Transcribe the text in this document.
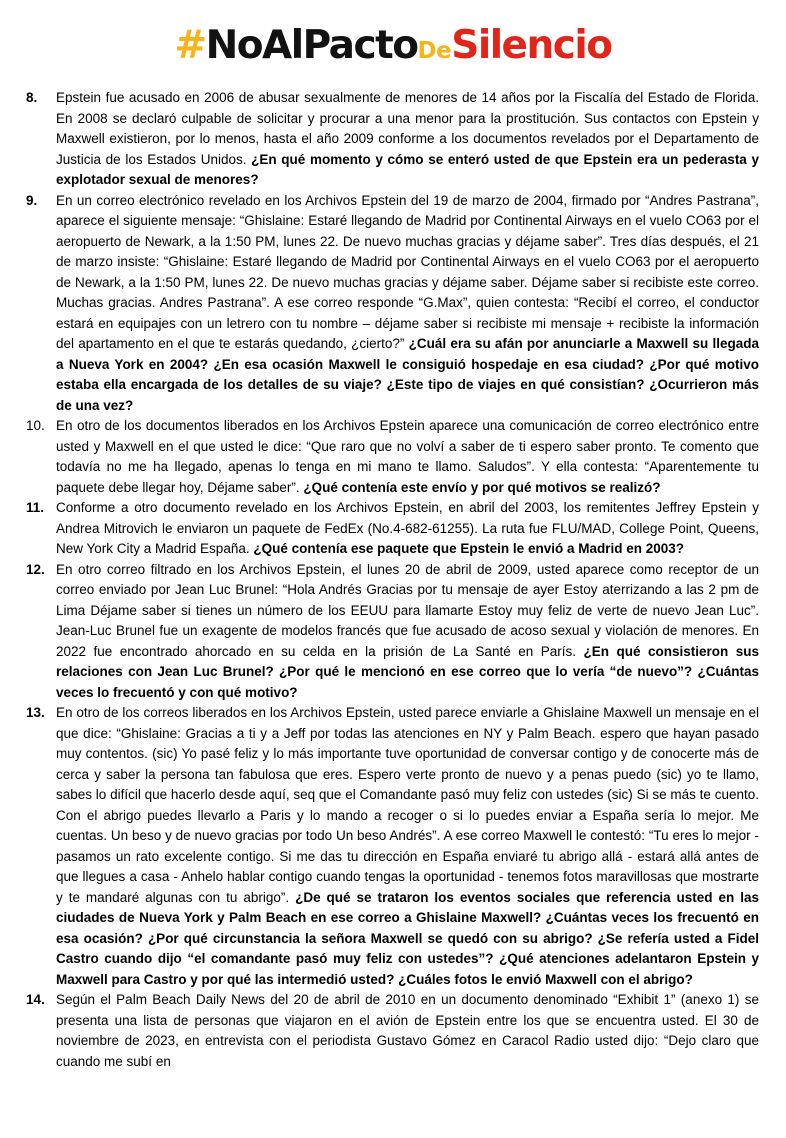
#NoAlPactoDeSilencio
8.	Epstein fue acusado en 2006 de abusar sexualmente de menores de 14 años por la Fiscalía del Estado de Florida. En 2008 se declaró culpable de solicitar y procurar a una menor para la prostitución. Sus contactos con Epstein y Maxwell existieron, por lo menos, hasta el año 2009 conforme a los documentos revelados por el Departamento de Justicia de los Estados Unidos. ¿En qué momento y cómo se enteró usted de que Epstein era un pederasta y explotador sexual de menores?
9.	En un correo electrónico revelado en los Archivos Epstein del 19 de marzo de 2004, firmado por “Andres Pastrana”, aparece el siguiente mensaje: “Ghislaine: Estaré llegando de Madrid por Continental Airways en el vuelo CO63 por el aeropuerto de Newark, a la 1:50 PM, lunes 22. De nuevo muchas gracias y déjame saber”. Tres días después, el 21 de marzo insiste: “Ghislaine: Estaré llegando de Madrid por Continental Airways en el vuelo CO63 por el aeropuerto de Newark, a la 1:50 PM, lunes 22. De nuevo muchas gracias y déjame saber. Déjame saber si recibiste este correo. Muchas gracias. Andres Pastrana”. A ese correo responde “G.Max”, quien contesta: “Recibí el correo, el conductor estará en equipajes con un letrero con tu nombre – déjame saber si recibiste mi mensaje + recibiste la información del apartamento en el que te estarás quedando, ¿cierto?” ¿Cuál era su afán por anunciarle a Maxwell su llegada a Nueva York en 2004? ¿En esa ocasión Maxwell le consiguió hospedaje en esa ciudad? ¿Por qué motivo estaba ella encargada de los detalles de su viaje? ¿Este tipo de viajes en qué consistían? ¿Ocurrieron más de una vez?
10. En otro de los documentos liberados en los Archivos Epstein aparece una comunicación de correo electrónico entre usted y Maxwell en el que usted le dice: “Que raro que no volví a saber de ti espero saber pronto. Te comento que todavía no me ha llegado, apenas lo tenga en mi mano te llamo. Saludos”. Y ella contesta: “Aparentemente tu paquete debe llegar hoy, Déjame saber”. ¿Qué contenía este envío y por qué motivos se realizó?
11. Conforme a otro documento revelado en los Archivos Epstein, en abril del 2003, los remitentes Jeffrey Epstein y Andrea Mitrovich le enviaron un paquete de FedEx (No.4-682-61255). La ruta fue FLU/MAD, College Point, Queens, New York City a Madrid España. ¿Qué contenía ese paquete que Epstein le envió a Madrid en 2003?
12. En otro correo filtrado en los Archivos Epstein, el lunes 20 de abril de 2009, usted aparece como receptor de un correo enviado por Jean Luc Brunel: “Hola Andrés Gracias por tu mensaje de ayer Estoy aterrizando a las 2 pm de Lima Déjame saber si tienes un número de los EEUU para llamarte Estoy muy feliz de verte de nuevo Jean Luc”. Jean-Luc Brunel fue un exagente de modelos francés que fue acusado de acoso sexual y violación de menores. En 2022 fue encontrado ahorcado en su celda en la prisión de La Santé en París. ¿En qué consistieron sus relaciones con Jean Luc Brunel? ¿Por qué le mencionó en ese correo que lo vería “de nuevo”? ¿Cuántas veces lo frecuentó y con qué motivo?
13. En otro de los correos liberados en los Archivos Epstein, usted parece enviarle a Ghislaine Maxwell un mensaje en el que dice: “Ghislaine: Gracias a ti y a Jeff por todas las atenciones en NY y Palm Beach. espero que hayan pasado muy contentos. (sic) Yo pasé feliz y lo más importante tuve oportunidad de conversar contigo y de conocerte más de cerca y saber la persona tan fabulosa que eres. Espero verte pronto de nuevo y a penas puedo (sic) yo te llamo, sabes lo difícil que hacerlo desde aquí, seq que el Comandante pasó muy feliz con ustedes (sic) Si se más te cuento. Con el abrigo puedes llevarlo a Paris y lo mando a recoger o si lo puedes enviar a España sería lo mejor. Me cuentas. Un beso y de nuevo gracias por todo Un beso Andrés”. A ese correo Maxwell le contestó: “Tu eres lo mejor - pasamos un rato excelente contigo. Si me das tu dirección en España enviaré tu abrigo allá - estará allá antes de que llegues a casa - Anhelo hablar contigo cuando tengas la oportunidad - tenemos fotos maravillosas que mostrarte y te mandaré algunas con tu abrigo”. ¿De qué se trataron los eventos sociales que referencia usted en las ciudades de Nueva York y Palm Beach en ese correo a Ghislaine Maxwell? ¿Cuántas veces los frecuentó en esa ocasión? ¿Por qué circunstancia la señora Maxwell se quedó con su abrigo? ¿Se refería usted a Fidel Castro cuando dijo “el comandante pasó muy feliz con ustedes”? ¿Qué atenciones adelantaron Epstein y Maxwell para Castro y por qué las intermedió usted? ¿Cuáles fotos le envió Maxwell con el abrigo?
14. Según el Palm Beach Daily News del 20 de abril de 2010 en un documento denominado “Exhibit 1” (anexo 1) se presenta una lista de personas que viajaron en el avión de Epstein entre los que se encuentra usted. El 30 de noviembre de 2023, en entrevista con el periodista Gustavo Gómez en Caracol Radio usted dijo: “Dejo claro que cuando me subí en
